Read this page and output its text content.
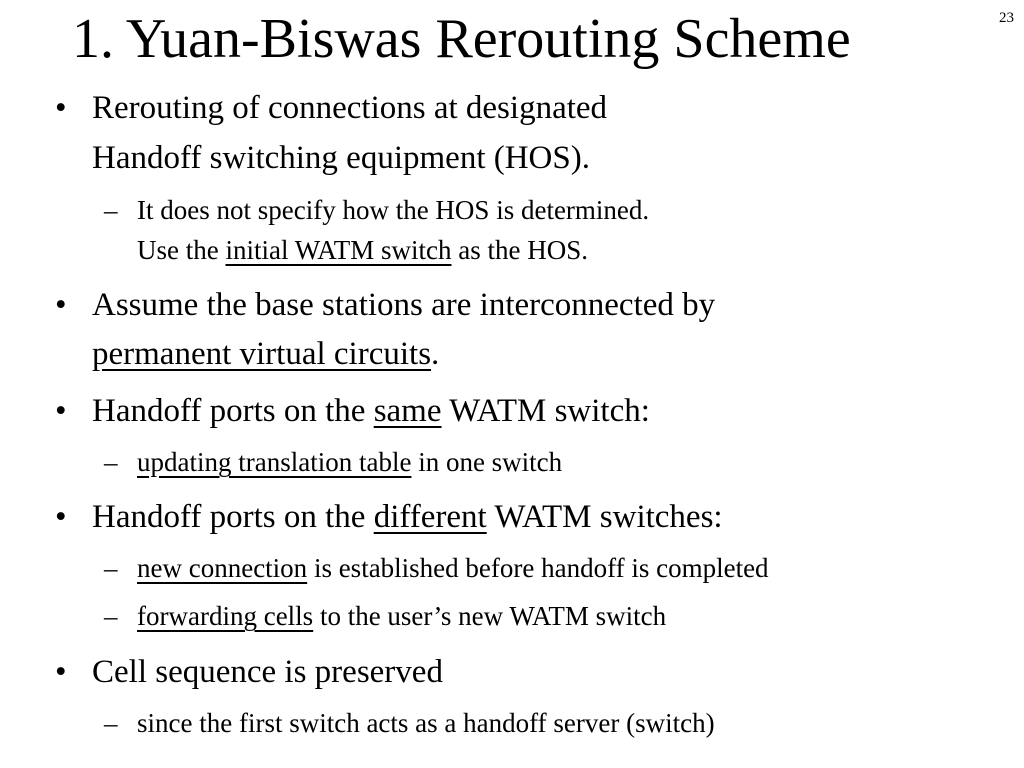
1. Yuan-Biswas Rerouting Scheme	23
• Rerouting of connections at designated
Handoff switching equipment (HOS).
– It does not specify how the HOS is determined.
Use the initial WATM switch as the HOS.
• Assume the base stations are interconnected by
permanent virtual circuits.
• Handoff ports on the same WATM switch:
– updating translation table in one switch
• Handoff ports on the different WATM switches:
– new connection is established before handoff is completed
– forwarding cells to the user’s new WATM switch
• Cell sequence is preserved
– since the first switch acts as a handoff server (switch)
